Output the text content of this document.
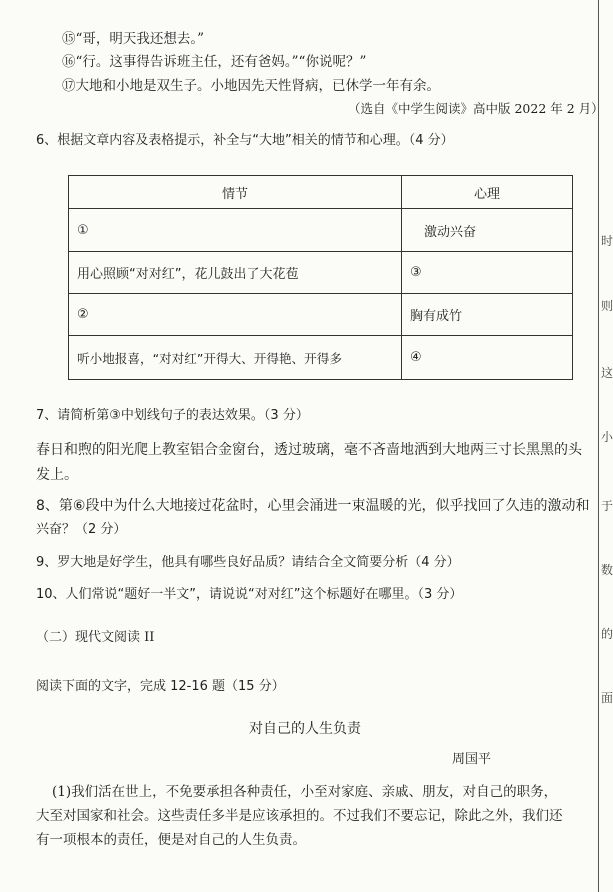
⑮“哥，明天我还想去。”
⑯“行。这事得告诉班主任，还有爸妈。”“你说呢？”
⑰大地和小地是双生子。小地因先天性肾病，已休学一年有余。
（选自《中学生阅读》高中版 2022 年 2 月）
6、根据文章内容及表格提示，补全与“大地”相关的情节和心理。（4 分）
情节	心理
①	激动兴奋
用心照顾“对对红”，花儿鼓出了大花苞	③
②	胸有成竹
听小地报喜，“对对红”开得大、开得艳、开得多	④
7、请简析第③中划线句子的表达效果。（3 分）
春日和煦的阳光爬上教室铝合金窗台，透过玻璃，毫不吝啬地洒到大地两三寸长黑黑的头
发上。
8、第⑥段中为什么大地接过花盆时，心里会涌进一束温暖的光，似乎找回了久违的激动和
兴奋？（2 分）
9、罗大地是好学生，他具有哪些良好品质？请结合全文简要分析（4 分）
10、人们常说“题好一半文”，请说说“对对红”这个标题好在哪里。（3 分）
（二）现代文阅读 II
阅读下面的文字，完成 12-16 题（15 分）
对自己的人生负责
周国平
(1)我们活在世上，不免要承担各种责任，小至对家庭、亲戚、朋友，对自己的职务，
大至对国家和社会。这些责任多半是应该承担的。不过我们不要忘记，除此之外，我们还
有一项根本的责任，便是对自己的人生负责。
时
则
这
小
于
数
的
面
